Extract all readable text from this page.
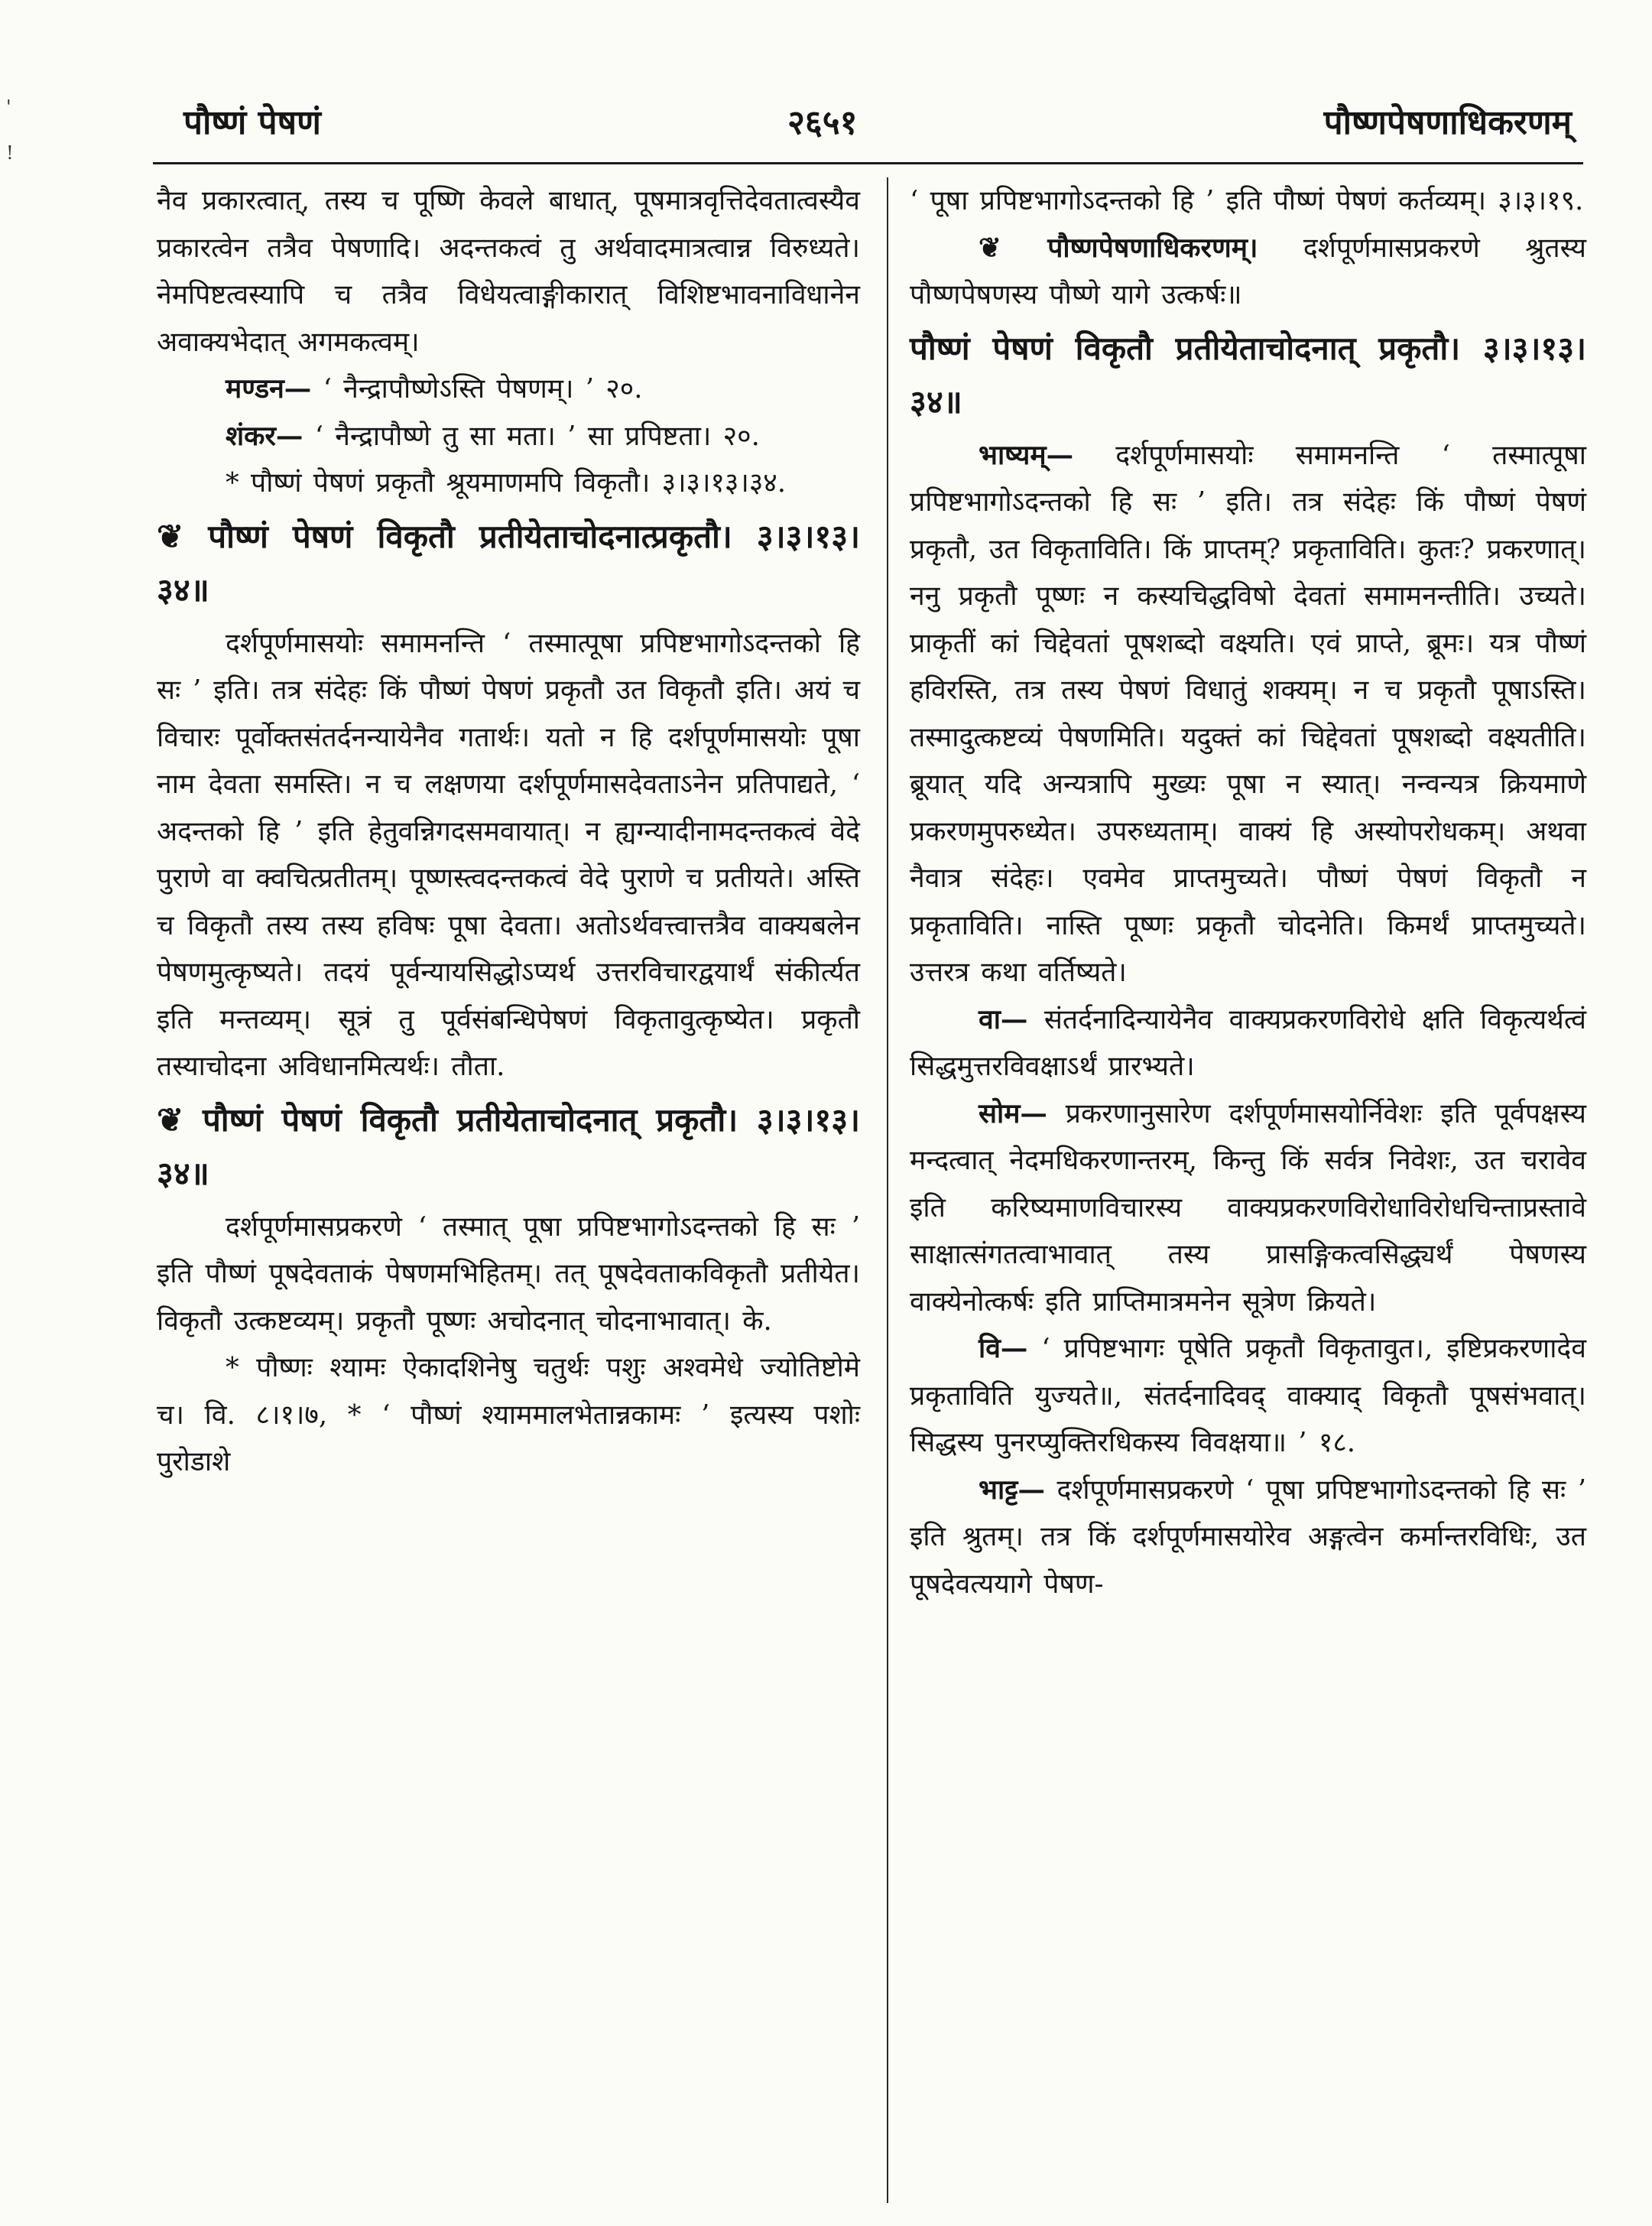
'
!
पौष्णं पेषणं	२६५१	पौष्णपेषणाधिकरणम्

नैव प्रकारत्वात्, तस्य च पूष्णि केवले बाधात्, पूषमात्रवृत्तिदेवतात्वस्यैव प्रकारत्वेन तत्रैव पेषणादि। अदन्तकत्वं तु अर्थवादमात्रत्वान्न विरुध्यते। नेमपिष्टत्वस्यापि च तत्रैव विधेयत्वाङ्गीकारात् विशिष्टभावनाविधानेन अवाक्यभेदात् अगमकत्वम्।

मण्डन— ‘ नैन्द्रापौष्णेऽस्ति पेषणम्। ’ २०.

शंकर— ‘ नैन्द्रापौष्णे तु सा मता। ’ सा प्रपिष्टता। २०.

* पौष्णं पेषणं प्रकृतौ श्रूयमाणमपि विकृतौ। ३।३।१३।३४.

❦ पौष्णं पेषणं विकृतौ प्रतीयेताचोदनात्प्रकृतौ। ३।३।१३।३४॥

दर्शपूर्णमासयोः समामनन्ति ‘ तस्मात्पूषा प्रपिष्टभागोऽदन्तको हि सः ’ इति। तत्र संदेहः किं पौष्णं पेषणं प्रकृतौ उत विकृतौ इति। अयं च विचारः पूर्वोक्तसंतर्दनन्यायेनैव गतार्थः। यतो न हि दर्शपूर्णमासयोः पूषा नाम देवता समस्ति। न च लक्षणया दर्शपूर्णमासदेवताऽनेन प्रतिपाद्यते, ‘ अदन्तको हि ’ इति हेतुवन्निगदसमवायात्। न ह्यग्न्यादीनामदन्तकत्वं वेदे पुराणे वा क्वचित्प्रतीतम्। पूष्णस्त्वदन्तकत्वं वेदे पुराणे च प्रतीयते। अस्ति च विकृतौ तस्य तस्य हविषः पूषा देवता। अतोऽर्थवत्त्वात्तत्रैव वाक्यबलेन पेषणमुत्कृष्यते। तदयं पूर्वन्यायसिद्धोऽप्यर्थ उत्तरविचारद्वयार्थं संकीर्त्यत इति मन्तव्यम्। सूत्रं तु पूर्वसंबन्धिपेषणं विकृतावुत्कृष्येत। प्रकृतौ तस्याचोदना अविधानमित्यर्थः। तौता.

❦ पौष्णं पेषणं विकृतौ प्रतीयेताचोदनात् प्रकृतौ। ३।३।१३।३४॥

दर्शपूर्णमासप्रकरणे ‘ तस्मात् पूषा प्रपिष्टभागोऽदन्तको हि सः ’ इति पौष्णं पूषदेवताकं पेषणमभिहितम्। तत् पूषदेवताकविकृतौ प्रतीयेत। विकृतौ उत्कष्टव्यम्। प्रकृतौ पूष्णः अचोदनात् चोदनाभावात्। के.

* पौष्णः श्यामः ऐकादशिनेषु चतुर्थः पशुः अश्वमेधे ज्योतिष्टोमे च। वि. ८।१।७, * ‘ पौष्णं श्याममालभेतान्नकामः ’ इत्यस्य पशोः पुरोडाशे

‘ पूषा प्रपिष्टभागोऽदन्तको हि ’ इति पौष्णं पेषणं कर्तव्यम्। ३।३।१९.

❦ पौष्णपेषणाधिकरणम्। दर्शपूर्णमासप्रकरणे श्रुतस्य पौष्णपेषणस्य पौष्णे यागे उत्कर्षः॥

पौष्णं पेषणं विकृतौ प्रतीयेताचोदनात् प्रकृतौ। ३।३।१३।३४॥

भाष्यम्— दर्शपूर्णमासयोः समामनन्ति ‘ तस्मात्पूषा प्रपिष्टभागोऽदन्तको हि सः ’ इति। तत्र संदेहः किं पौष्णं पेषणं प्रकृतौ, उत विकृताविति। किं प्राप्तम्? प्रकृताविति। कुतः? प्रकरणात्। ननु प्रकृतौ पूष्णः न कस्यचिद्धविषो देवतां समामनन्तीति। उच्यते। प्राकृतीं कां चिद्देवतां पूषशब्दो वक्ष्यति। एवं प्राप्ते, ब्रूमः। यत्र पौष्णं हविरस्ति, तत्र तस्य पेषणं विधातुं शक्यम्। न च प्रकृतौ पूषाऽस्ति। तस्मादुत्कष्टव्यं पेषणमिति। यदुक्तं कां चिद्देवतां पूषशब्दो वक्ष्यतीति। ब्रूयात् यदि अन्यत्रापि मुख्यः पूषा न स्यात्। नन्वन्यत्र क्रियमाणे प्रकरणमुपरुध्येत। उपरुध्यताम्। वाक्यं हि अस्योपरोधकम्। अथवा नैवात्र संदेहः। एवमेव प्राप्तमुच्यते। पौष्णं पेषणं विकृतौ न प्रकृताविति। नास्ति पूष्णः प्रकृतौ चोदनेति। किमर्थं प्राप्तमुच्यते। उत्तरत्र कथा वर्तिष्यते।

वा— संतर्दनादिन्यायेनैव वाक्यप्रकरणविरोधे क्षति विकृत्यर्थत्वं सिद्धमुत्तरविवक्षाऽर्थं प्रारभ्यते।

सोम— प्रकरणानुसारेण दर्शपूर्णमासयोर्निवेशः इति पूर्वपक्षस्य मन्दत्वात् नेदमधिकरणान्तरम्, किन्तु किं सर्वत्र निवेशः, उत चरावेव इति करिष्यमाणविचारस्य वाक्यप्रकरणविरोधाविरोधचिन्ताप्रस्तावे साक्षात्संगतत्वाभावात् तस्य प्रासङ्गिकत्वसिद्ध्यर्थं पेषणस्य वाक्येनोत्कर्षः इति प्राप्तिमात्रमनेन सूत्रेण क्रियते।

वि— ‘ प्रपिष्टभागः पूषेति प्रकृतौ विकृतावुत।, इष्टिप्रकरणादेव प्रकृताविति युज्यते॥, संतर्दनादिवद् वाक्याद् विकृतौ पूषसंभवात्। सिद्धस्य पुनरप्युक्तिरधिकस्य विवक्षया॥ ’ १८.

भाट्ट— दर्शपूर्णमासप्रकरणे ‘ पूषा प्रपिष्टभागोऽदन्तको हि सः ’ इति श्रुतम्। तत्र किं दर्शपूर्णमासयोरेव अङ्गत्वेन कर्मान्तरविधिः, उत पूषदेवत्ययागे पेषण-
